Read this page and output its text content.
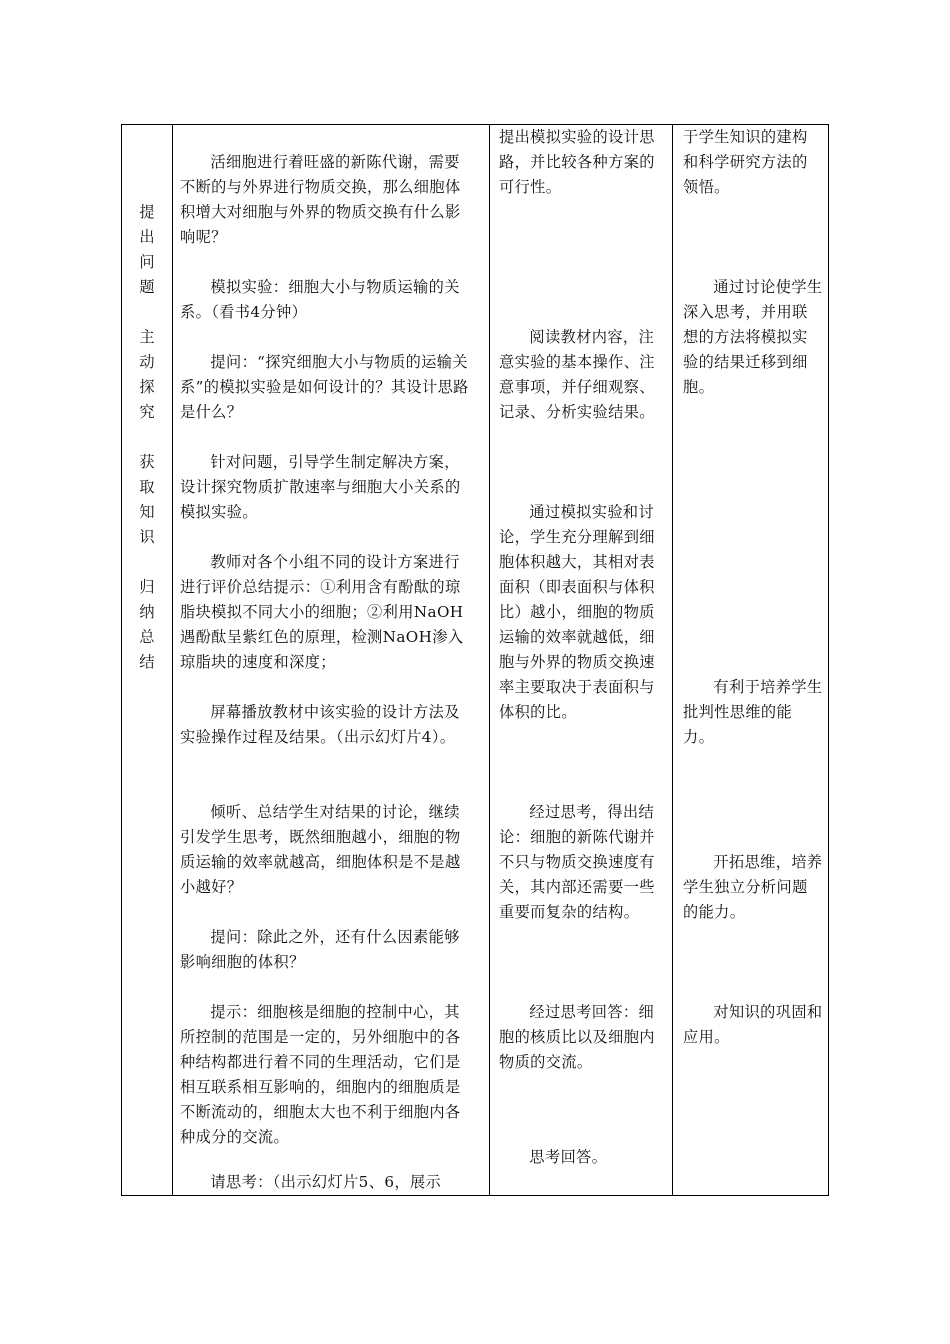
提
出
问
题
主
动
探
究
获
取
知
识
归
纳
总
结

活细胞进行着旺盛的新陈代谢，需要不断的与外界进行物质交换，那么细胞体积增大对细胞与外界的物质交换有什么影响呢？

模拟实验：细胞大小与物质运输的关系。（看书4分钟）

提问：“探究细胞大小与物质的运输关系”的模拟实验是如何设计的？其设计思路是什么？

针对问题，引导学生制定解决方案，设计探究物质扩散速率与细胞大小关系的模拟实验。

教师对各个小组不同的设计方案进行进行评价总结提示：①利用含有酚酞的琼脂块模拟不同大小的细胞；②利用NaOH遇酚酞呈紫红色的原理，检测NaOH渗入琼脂块的速度和深度；

屏幕播放教材中该实验的设计方法及实验操作过程及结果。（出示幻灯片4）。

倾听、总结学生对结果的讨论，继续引发学生思考，既然细胞越小，细胞的物质运输的效率就越高，细胞体积是不是越小越好？

提问：除此之外，还有什么因素能够影响细胞的体积？

提示：细胞核是细胞的控制中心，其所控制的范围是一定的，另外细胞中的各种结构都进行着不同的生理活动，它们是相互联系相互影响的，细胞内的细胞质是不断流动的，细胞太大也不利于细胞内各种成分的交流。

请思考：（出示幻灯片5、6，展示

提出模拟实验的设计思路，并比较各种方案的可行性。

阅读教材内容，注意实验的基本操作、注意事项，并仔细观察、记录、分析实验结果。

通过模拟实验和讨论，学生充分理解到细胞体积越大，其相对表面积（即表面积与体积比）越小，细胞的物质运输的效率就越低，细胞与外界的物质交换速率主要取决于表面积与体积的比。

经过思考，得出结论：细胞的新陈代谢并不只与物质交换速度有关，其内部还需要一些重要而复杂的结构。

经过思考回答：细胞的核质比以及细胞内物质的交流。

思考回答。

于学生知识的建构和科学研究方法的领悟。

通过讨论使学生深入思考，并用联想的方法将模拟实验的结果迁移到细胞。

有利于培养学生批判性思维的能力。

开拓思维，培养学生独立分析问题的能力。

对知识的巩固和应用。
